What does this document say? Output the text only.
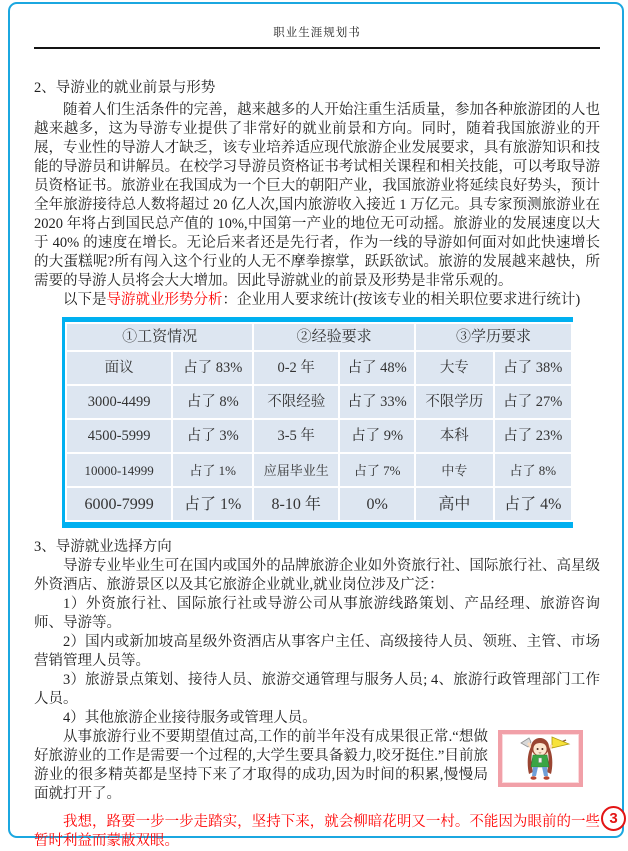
职业生涯规划书

2、导游业的就业前景与形势

随着人们生活条件的完善，越来越多的人开始注重生活质量，参加各种旅游团的人也越来越多，这为导游专业提供了非常好的就业前景和方向。同时，随着我国旅游业的开展，专业性的导游人才缺乏，该专业培养适应现代旅游企业发展要求，具有旅游知识和技能的导游员和讲解员。在校学习导游员资格证书考试相关课程和相关技能，可以考取导游员资格证书。旅游业在我国成为一个巨大的朝阳产业，我国旅游业将延续良好势头，预计全年旅游接待总人数将超过 20 亿人次,国内旅游收入接近 1 万亿元。具专家预测旅游业在 2020 年将占到国民总产值的 10%,中国第一产业的地位无可动摇。旅游业的发展速度以大于 40% 的速度在增长。无论后来者还是先行者，作为一线的导游如何面对如此快速增长的大蛋糕呢?所有闯入这个行业的人无不摩拳擦掌，跃跃欲试。旅游的发展越来越快，所需要的导游人员将会大大增加。因此导游就业的前景及形势是非常乐观的。

以下是导游就业形势分析：企业用人要求统计(按该专业的相关职位要求进行统计)

①工资情况		②经验要求		③学历要求	
面议	占了 83%	0-2 年	占了 48%	大专	占了 38%
3000-4499	占了 8%	不限经验	占了 33%	不限学历	占了 27%
4500-5999	占了 3%	3-5 年	占了 9%	本科	占了 23%
10000-14999	占了 1%	应届毕业生	占了 7%	中专	占了 8%
6000-7999	占了 1%	8-10 年	0%	高中	占了 4%

3、导游就业选择方向

导游专业毕业生可在国内或国外的品牌旅游企业如外资旅行社、国际旅行社、高星级外资酒店、旅游景区以及其它旅游企业就业,就业岗位涉及广泛：

1）外资旅行社、国际旅行社或导游公司从事旅游线路策划、产品经理、旅游咨询师、导游等。

2）国内或新加坡高星级外资酒店从事客户主任、高级接待人员、领班、主管、市场营销管理人员等。

3）旅游景点策划、接待人员、旅游交通管理与服务人员; 4、旅游行政管理部门工作人员。

4）其他旅游企业接待服务或管理人员。

从事旅游行业不要期望值过高,工作的前半年没有成果很正常.“想做好旅游业的工作是需要一个过程的,大学生要具备毅力,咬牙挺住.”目前旅游业的很多精英都是坚持下来了才取得的成功,因为时间的积累,慢慢局面就打开了。

我想，路要一步一步走踏实，坚持下来，就会柳暗花明又一村。不能因为眼前的一些暂时利益而蒙蔽双眼。

3
